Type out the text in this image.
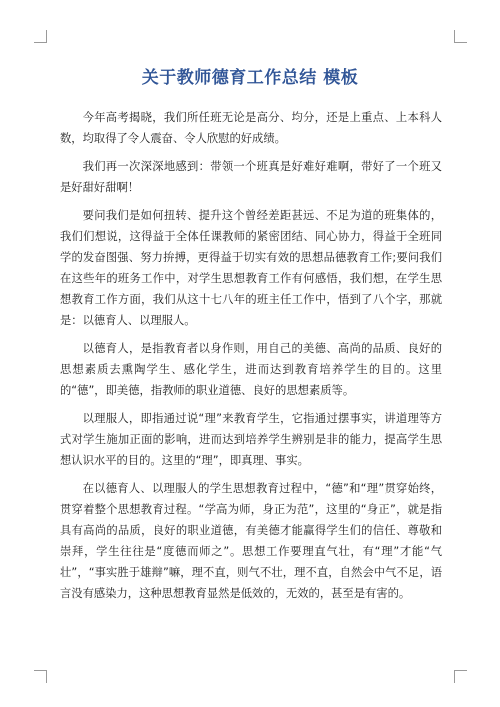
关于教师德育工作总结 模板

今年高考揭晓，我们所任班无论是高分、均分，还是上重点、上本科人数，均取得了令人震奋、令人欣慰的好成绩。

我们再一次深深地感到：带领一个班真是好难好难啊，带好了一个班又是好甜好甜啊！

要问我们是如何扭转、提升这个曾经差距甚远、不足为道的班集体的，我们们想说，这得益于全体任课教师的紧密团结、同心协力，得益于全班同学的发奋图强、努力拚搏，更得益于切实有效的思想品德教育工作;要问我们在这些年的班务工作中，对学生思想教育工作有何感悟，我们想，在学生思想教育工作方面，我们从这十七八年的班主任工作中，悟到了八个字，那就是：以德育人、以理服人。

以德育人，是指教育者以身作则，用自己的美德、高尚的品质、良好的思想素质去熏陶学生、感化学生，进而达到教育培养学生的目的。这里的“德”，即美德，指教师的职业道德、良好的思想素质等。

以理服人，即指通过说“理”来教育学生，它指通过摆事实，讲道理等方式对学生施加正面的影响，进而达到培养学生辨别是非的能力，提高学生思想认识水平的目的。这里的“理”，即真理、事实。

在以德育人、以理服人的学生思想教育过程中，“德”和“理”贯穿始终，贯穿着整个思想教育过程。“学高为师，身正为范”，这里的“身正”，就是指具有高尚的品质，良好的职业道德，有美德才能赢得学生们的信任、尊敬和崇拜，学生往往是“度德而师之”。思想工作要理直气壮，有“理”才能“气壮”，“事实胜于雄辩”嘛，理不直，则气不壮，理不直，自然会中气不足，语言没有感染力，这种思想教育显然是低效的，无效的，甚至是有害的。
